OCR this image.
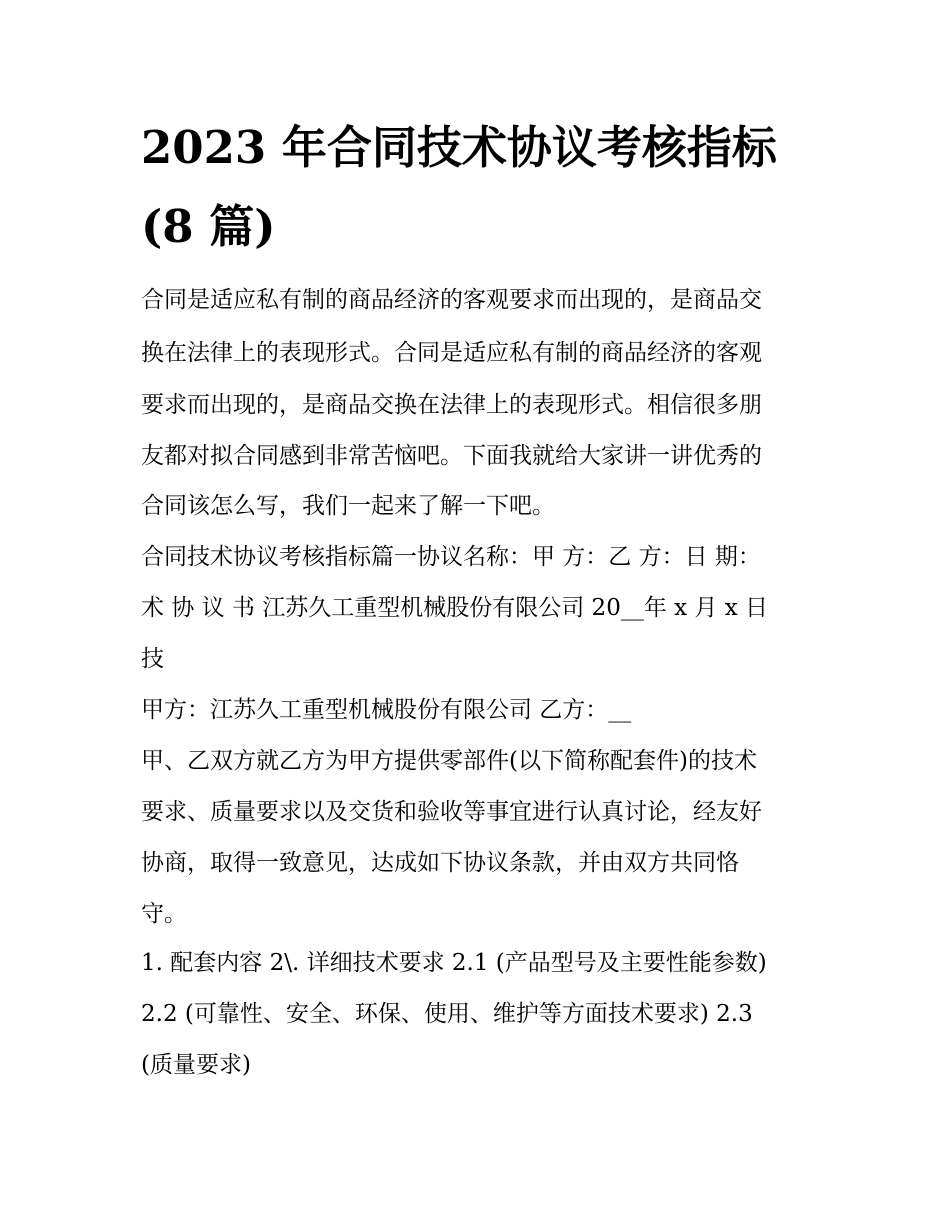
2023 年合同技术协议考核指标
(8 篇)

合同是适应私有制的商品经济的客观要求而出现的，是商品交

换在法律上的表现形式。合同是适应私有制的商品经济的客观

要求而出现的，是商品交换在法律上的表现形式。相信很多朋

友都对拟合同感到非常苦恼吧。下面我就给大家讲一讲优秀的

合同该怎么写，我们一起来了解一下吧。

合同技术协议考核指标篇一协议名称：甲 方：乙 方：日 期：

术 协 议 书 江苏久工重型机械股份有限公司 20__年 x 月 x 日

技

甲方：江苏久工重型机械股份有限公司 乙方：__

甲、乙双方就乙方为甲方提供零部件(以下简称配套件)的技术

要求、质量要求以及交货和验收等事宜进行认真讨论，经友好

协商，取得一致意见，达成如下协议条款，并由双方共同恪

守。

1. 配套内容 2\. 详细技术要求 2.1 (产品型号及主要性能参数)

2.2 (可靠性、安全、环保、使用、维护等方面技术要求) 2.3

(质量要求)
